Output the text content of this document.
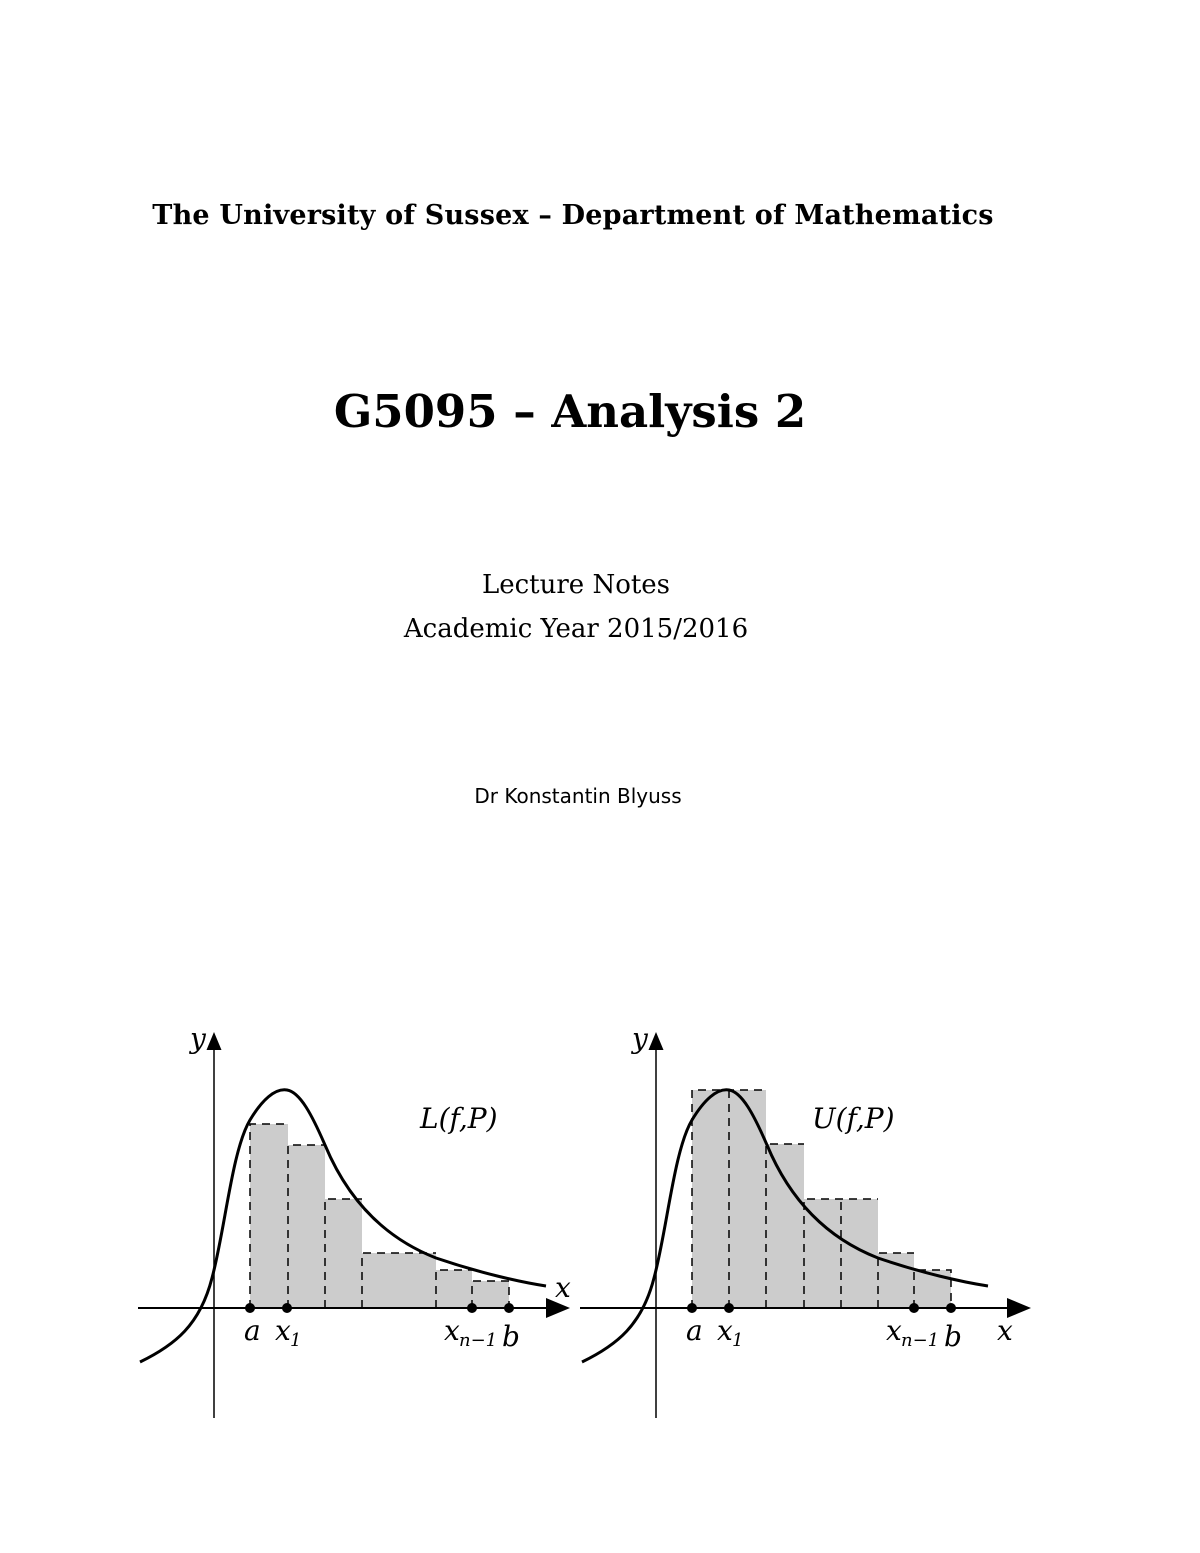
The University of Sussex – Department of Mathematics
G5095 – Analysis 2
Lecture Notes
Academic Year 2015/2016
Dr Konstantin Blyuss
y
x
L(f,P)
a x 1	x n−1 b
y
x
U(f,P)
a x 1	x n−1 b
